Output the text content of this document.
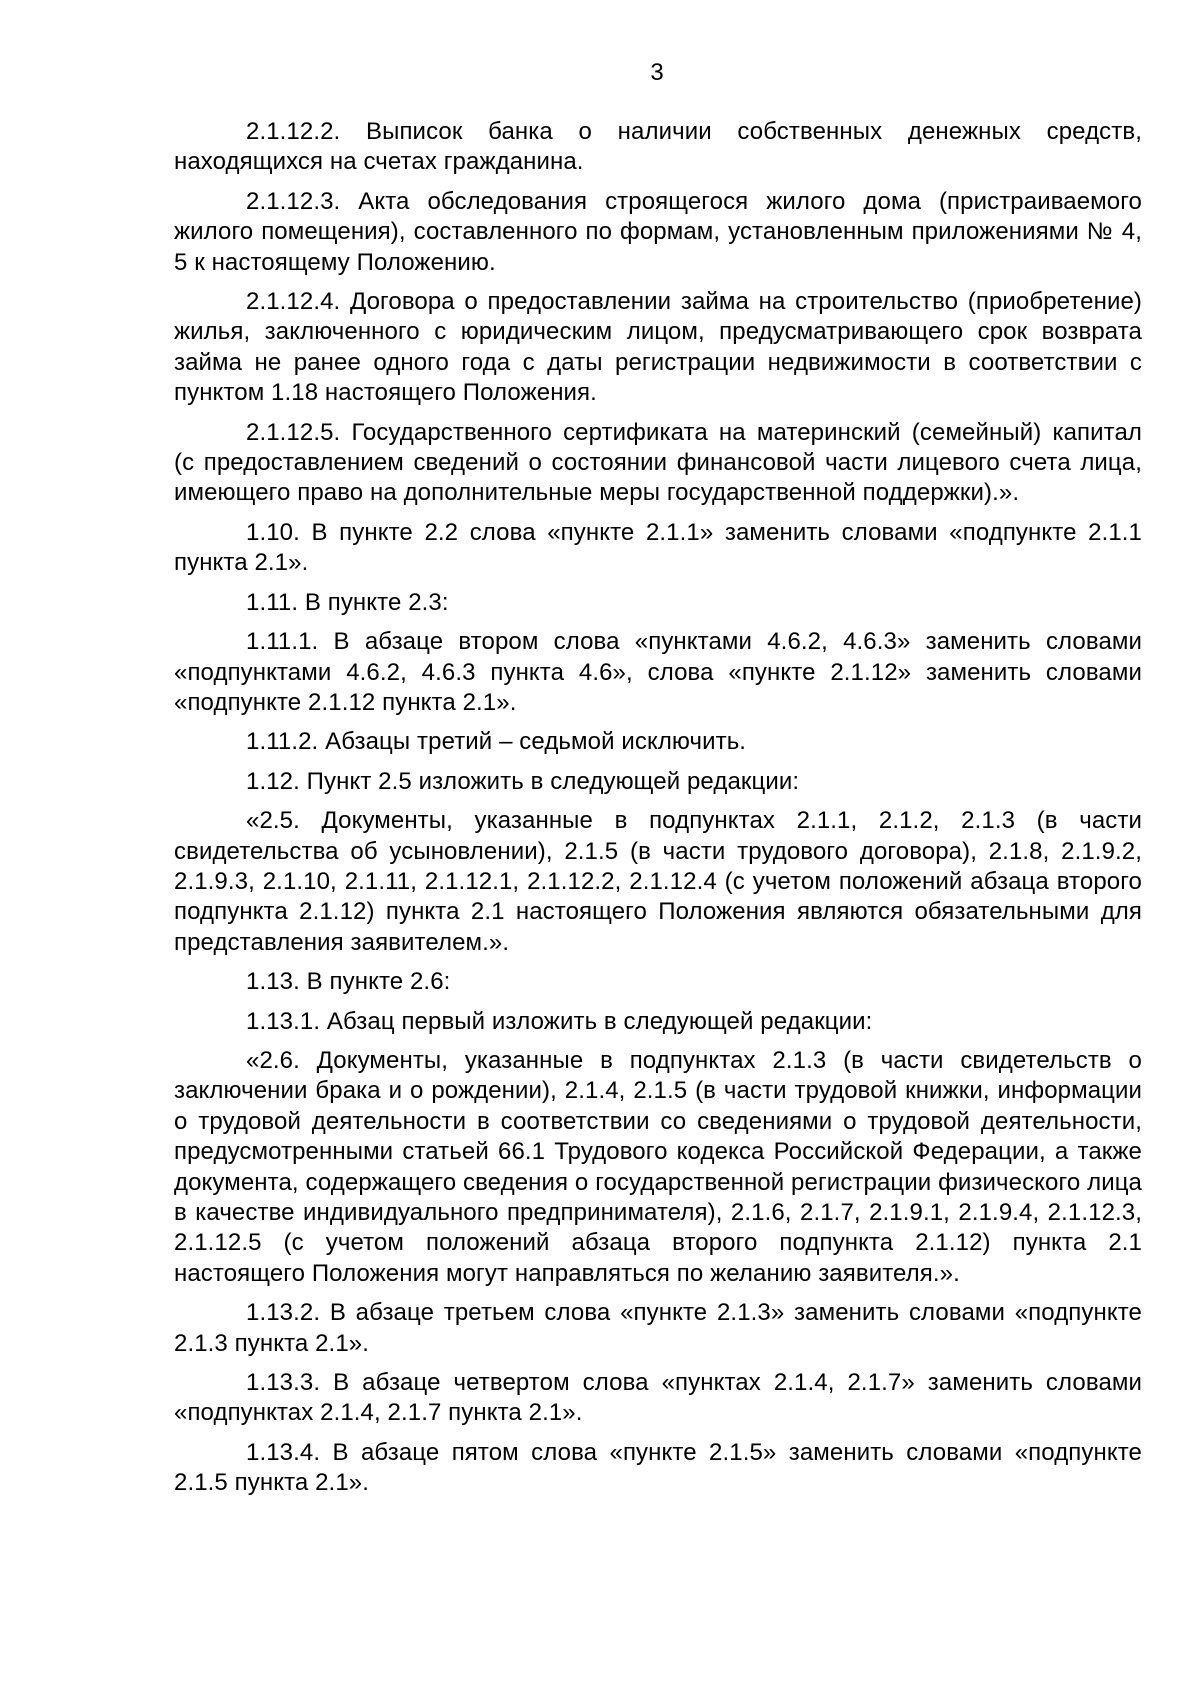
3

2.1.12.2. Выписок банка о наличии собственных денежных средств, находящихся на счетах гражданина.

2.1.12.3. Акта обследования строящегося жилого дома (пристраиваемого жилого помещения), составленного по формам, установленным приложениями № 4, 5 к настоящему Положению.

2.1.12.4. Договора о предоставлении займа на строительство (приобретение) жилья, заключенного с юридическим лицом, предусматривающего срок возврата займа не ранее одного года с даты регистрации недвижимости в соответствии с пунктом 1.18 настоящего Положения.

2.1.12.5. Государственного сертификата на материнский (семейный) капитал (с предоставлением сведений о состоянии финансовой части лицевого счета лица, имеющего право на дополнительные меры государственной поддержки).».

1.10. В пункте 2.2 слова «пункте 2.1.1» заменить словами «подпункте 2.1.1 пункта 2.1».

1.11. В пункте 2.3:

1.11.1. В абзаце втором слова «пунктами 4.6.2, 4.6.3» заменить словами «подпунктами 4.6.2, 4.6.3 пункта 4.6», слова «пункте 2.1.12» заменить словами «подпункте 2.1.12 пункта 2.1».

1.11.2. Абзацы третий – седьмой исключить.

1.12. Пункт 2.5 изложить в следующей редакции:

«2.5. Документы, указанные в подпунктах 2.1.1, 2.1.2, 2.1.3 (в части свидетельства об усыновлении), 2.1.5 (в части трудового договора), 2.1.8, 2.1.9.2, 2.1.9.3, 2.1.10, 2.1.11, 2.1.12.1, 2.1.12.2, 2.1.12.4 (с учетом положений абзаца второго подпункта 2.1.12) пункта 2.1 настоящего Положения являются обязательными для представления заявителем.».

1.13. В пункте 2.6:

1.13.1. Абзац первый изложить в следующей редакции:

«2.6. Документы, указанные в подпунктах 2.1.3 (в части свидетельств о заключении брака и о рождении), 2.1.4, 2.1.5 (в части трудовой книжки, информации о трудовой деятельности в соответствии со сведениями о трудовой деятельности, предусмотренными статьей 66.1 Трудового кодекса Российской Федерации, а также документа, содержащего сведения о государственной регистрации физического лица в качестве индивидуального предпринимателя), 2.1.6, 2.1.7, 2.1.9.1, 2.1.9.4, 2.1.12.3, 2.1.12.5 (с учетом положений абзаца второго подпункта 2.1.12) пункта 2.1 настоящего Положения могут направляться по желанию заявителя.».

1.13.2. В абзаце третьем слова «пункте 2.1.3» заменить словами «подпункте 2.1.3 пункта 2.1».

1.13.3. В абзаце четвертом слова «пунктах 2.1.4, 2.1.7» заменить словами «подпунктах 2.1.4, 2.1.7 пункта 2.1».

1.13.4. В абзаце пятом слова «пункте 2.1.5» заменить словами «подпункте 2.1.5 пункта 2.1».
